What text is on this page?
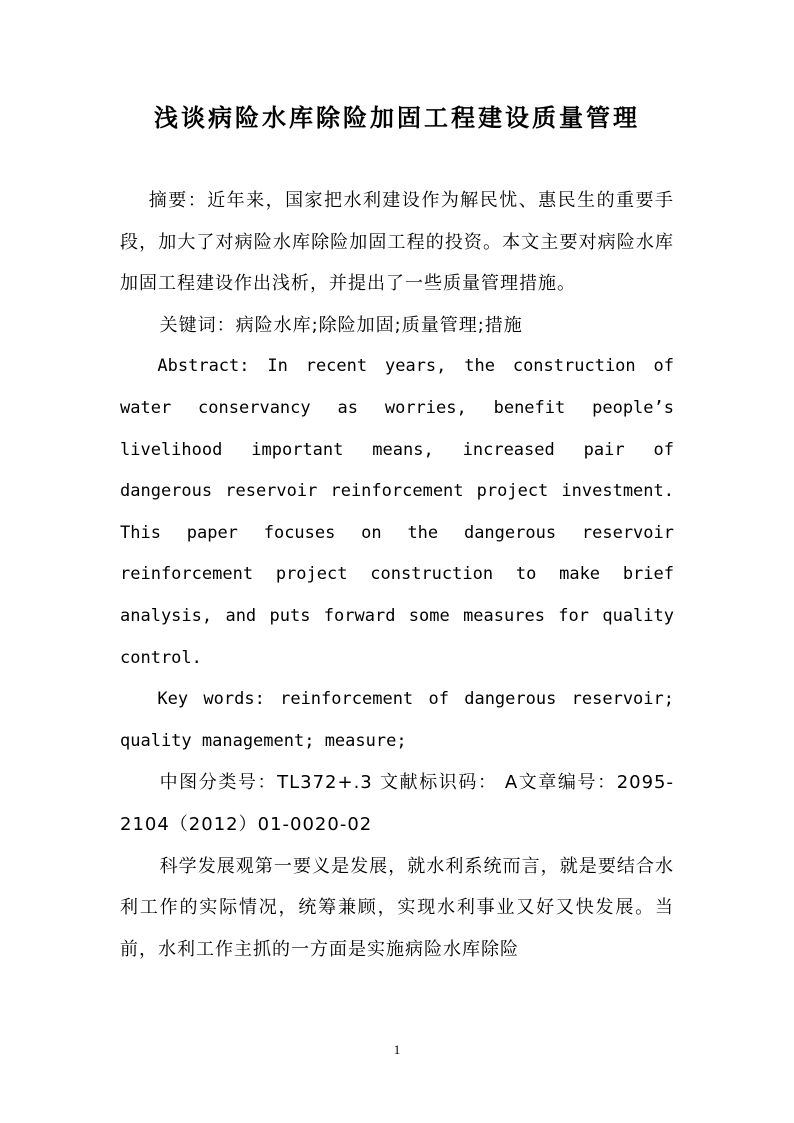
浅谈病险水库除险加固工程建设质量管理

摘要：近年来，国家把水利建设作为解民忧、惠民生的重要手段，加大了对病险水库除险加固工程的投资。本文主要对病险水库加固工程建设作出浅析，并提出了一些质量管理措施。

关键词：病险水库;除险加固;质量管理;措施

Abstract: In recent years, the construction of water conservancy as worries, benefit people’s livelihood important means, increased pair of dangerous reservoir reinforcement project investment. This paper focuses on the dangerous reservoir reinforcement project construction to make brief analysis, and puts forward some measures for quality control.

Key words: reinforcement of dangerous reservoir; quality management; measure;

中图分类号：TL372+.3 文献标识码： A文章编号：2095-2104（2012）01-0020-02

科学发展观第一要义是发展，就水利系统而言，就是要结合水利工作的实际情况，统筹兼顾，实现水利事业又好又快发展。当前，水利工作主抓的一方面是实施病险水库除险

1
